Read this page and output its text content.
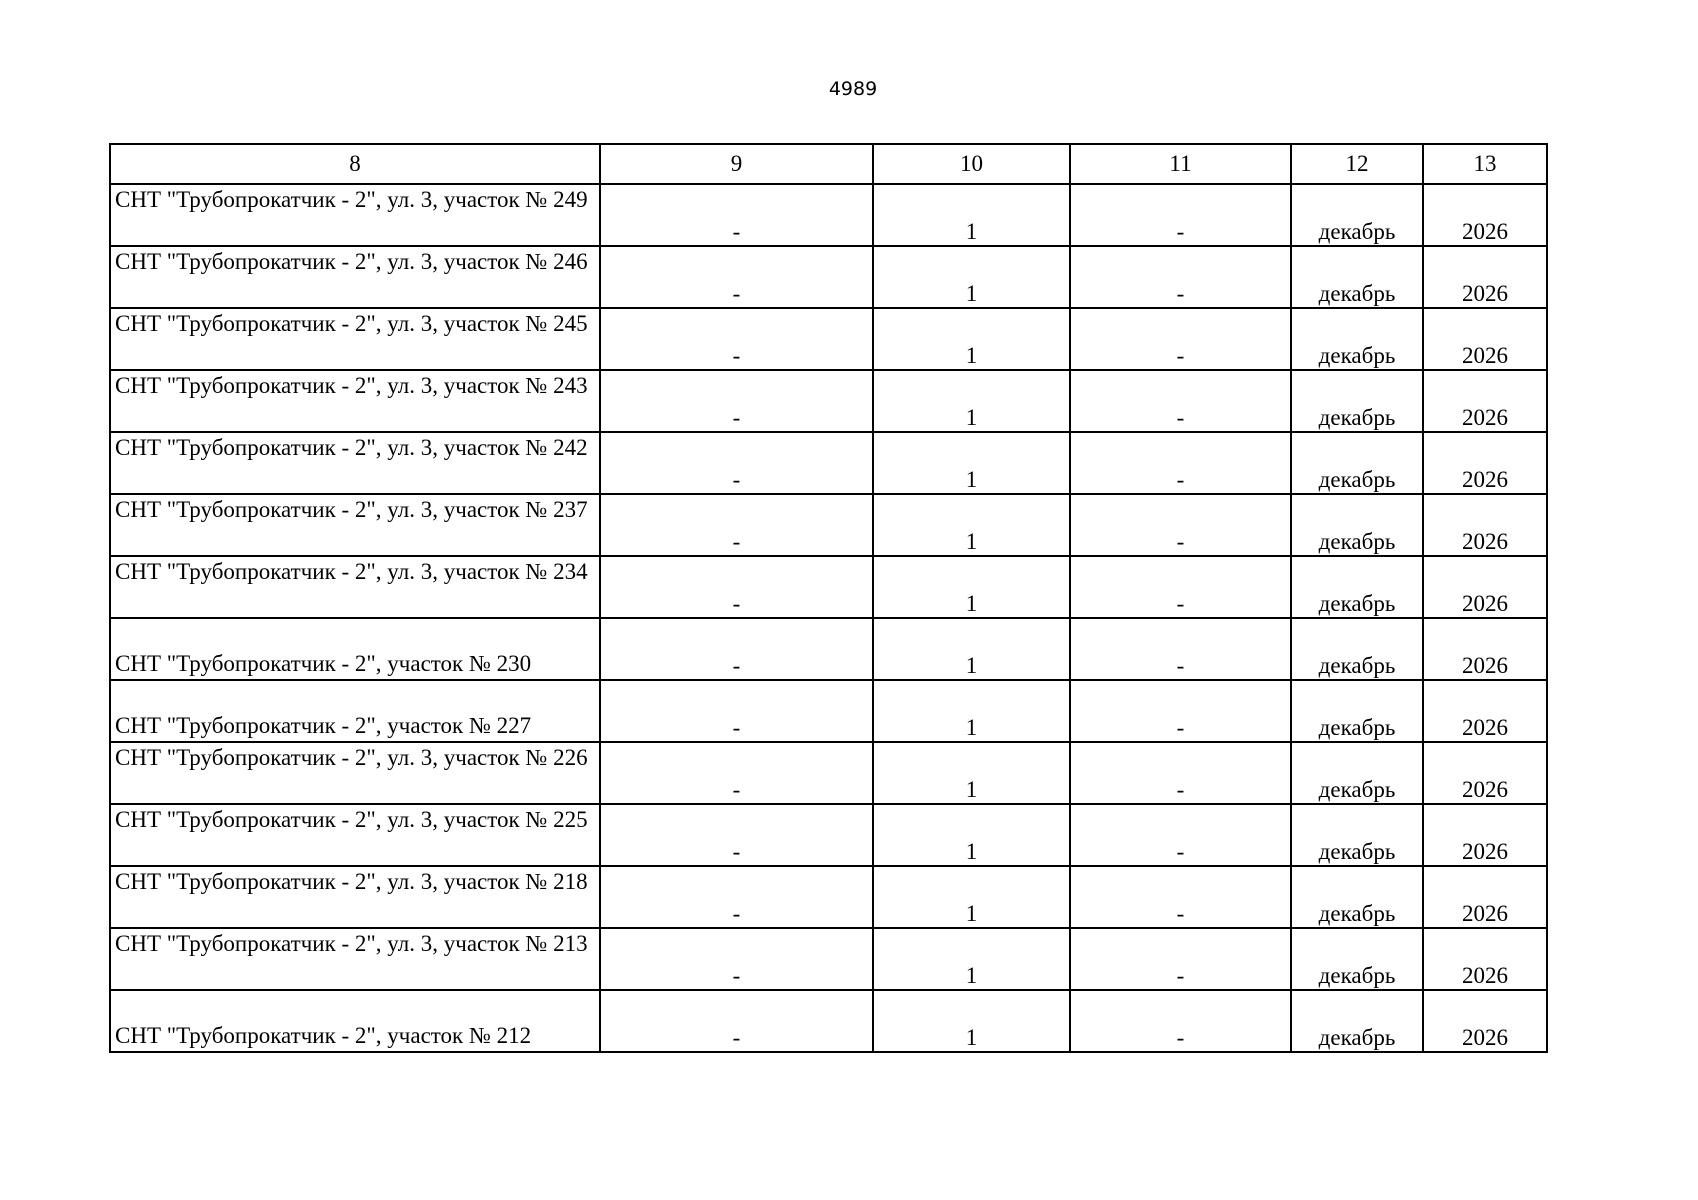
4989
8	9	10	11	12	13
СНТ "Трубопрокатчик - 2", ул. 3, участок № 249	-	1	-	декабрь	2026
СНТ "Трубопрокатчик - 2", ул. 3, участок № 246	-	1	-	декабрь	2026
СНТ "Трубопрокатчик - 2", ул. 3, участок № 245	-	1	-	декабрь	2026
СНТ "Трубопрокатчик - 2", ул. 3, участок № 243	-	1	-	декабрь	2026
СНТ "Трубопрокатчик - 2", ул. 3, участок № 242	-	1	-	декабрь	2026
СНТ "Трубопрокатчик - 2", ул. 3, участок № 237	-	1	-	декабрь	2026
СНТ "Трубопрокатчик - 2", ул. 3, участок № 234	-	1	-	декабрь	2026
СНТ "Трубопрокатчик - 2", участок № 230	-	1	-	декабрь	2026
СНТ "Трубопрокатчик - 2", участок № 227	-	1	-	декабрь	2026
СНТ "Трубопрокатчик - 2", ул. 3, участок № 226	-	1	-	декабрь	2026
СНТ "Трубопрокатчик - 2", ул. 3, участок № 225	-	1	-	декабрь	2026
СНТ "Трубопрокатчик - 2", ул. 3, участок № 218	-	1	-	декабрь	2026
СНТ "Трубопрокатчик - 2", ул. 3, участок № 213	-	1	-	декабрь	2026
СНТ "Трубопрокатчик - 2", участок № 212	-	1	-	декабрь	2026
